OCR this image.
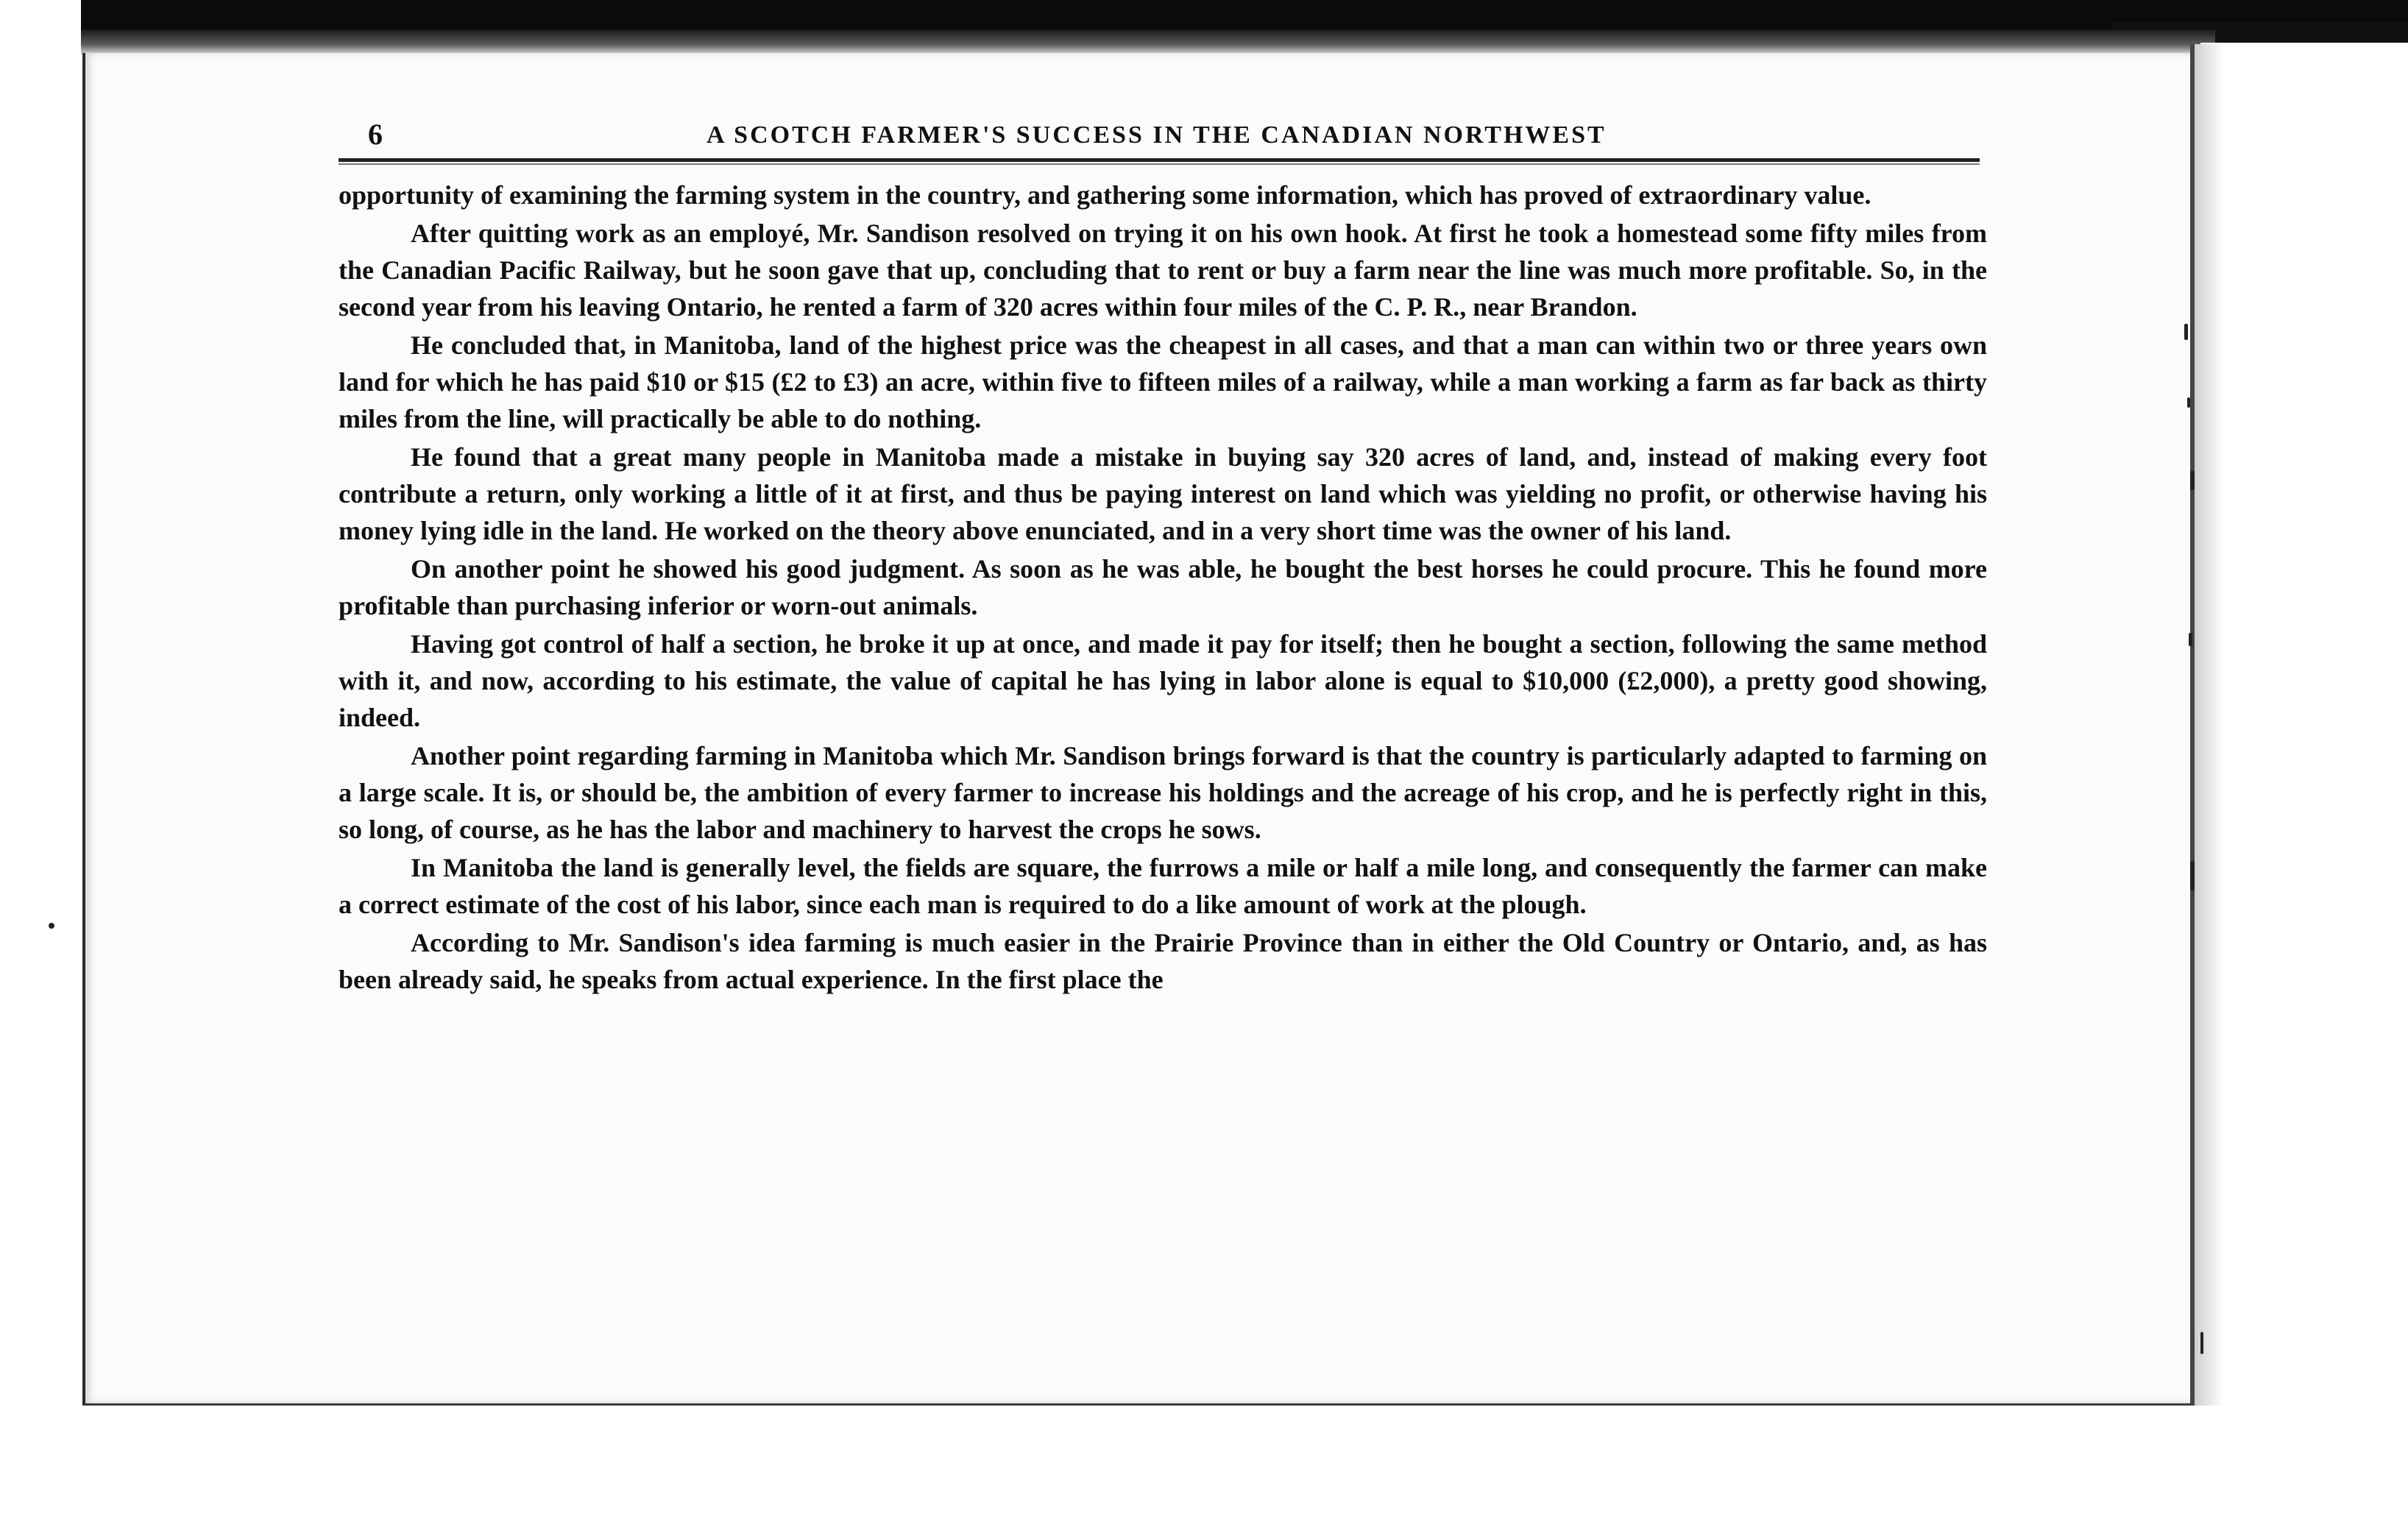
6	A SCOTCH FARMER'S SUCCESS IN THE CANADIAN NORTHWEST

opportunity of examining the farming system in the country, and gathering some information, which has proved of extraordinary value.

After quitting work as an employé, Mr. Sandison resolved on trying it on his own hook. At first he took a homestead some fifty miles from the Canadian Pacific Railway, but he soon gave that up, concluding that to rent or buy a farm near the line was much more profitable. So, in the second year from his leaving Ontario, he rented a farm of 320 acres within four miles of the C. P. R., near Brandon.

He concluded that, in Manitoba, land of the highest price was the cheapest in all cases, and that a man can within two or three years own land for which he has paid $10 or $15 (£2 to £3) an acre, within five to fifteen miles of a railway, while a man working a farm as far back as thirty miles from the line, will practically be able to do nothing.

He found that a great many people in Manitoba made a mistake in buying say 320 acres of land, and, instead of making every foot contribute a return, only working a little of it at first, and thus be paying interest on land which was yielding no profit, or otherwise having his money lying idle in the land. He worked on the theory above enunciated, and in a very short time was the owner of his land.

On another point he showed his good judgment. As soon as he was able, he bought the best horses he could procure. This he found more profitable than purchasing inferior or worn-out animals.

Having got control of half a section, he broke it up at once, and made it pay for itself; then he bought a section, following the same method with it, and now, according to his estimate, the value of capital he has lying in labor alone is equal to $10,000 (£2,000), a pretty good showing, indeed.

Another point regarding farming in Manitoba which Mr. Sandison brings forward is that the country is particularly adapted to farming on a large scale. It is, or should be, the ambition of every farmer to increase his holdings and the acreage of his crop, and he is perfectly right in this, so long, of course, as he has the labor and machinery to harvest the crops he sows.

In Manitoba the land is generally level, the fields are square, the furrows a mile or half a mile long, and consequently the farmer can make a correct estimate of the cost of his labor, since each man is required to do a like amount of work at the plough.

According to Mr. Sandison's idea farming is much easier in the Prairie Province than in either the Old Country or Ontario, and, as has been already said, he speaks from actual experience. In the first place the
